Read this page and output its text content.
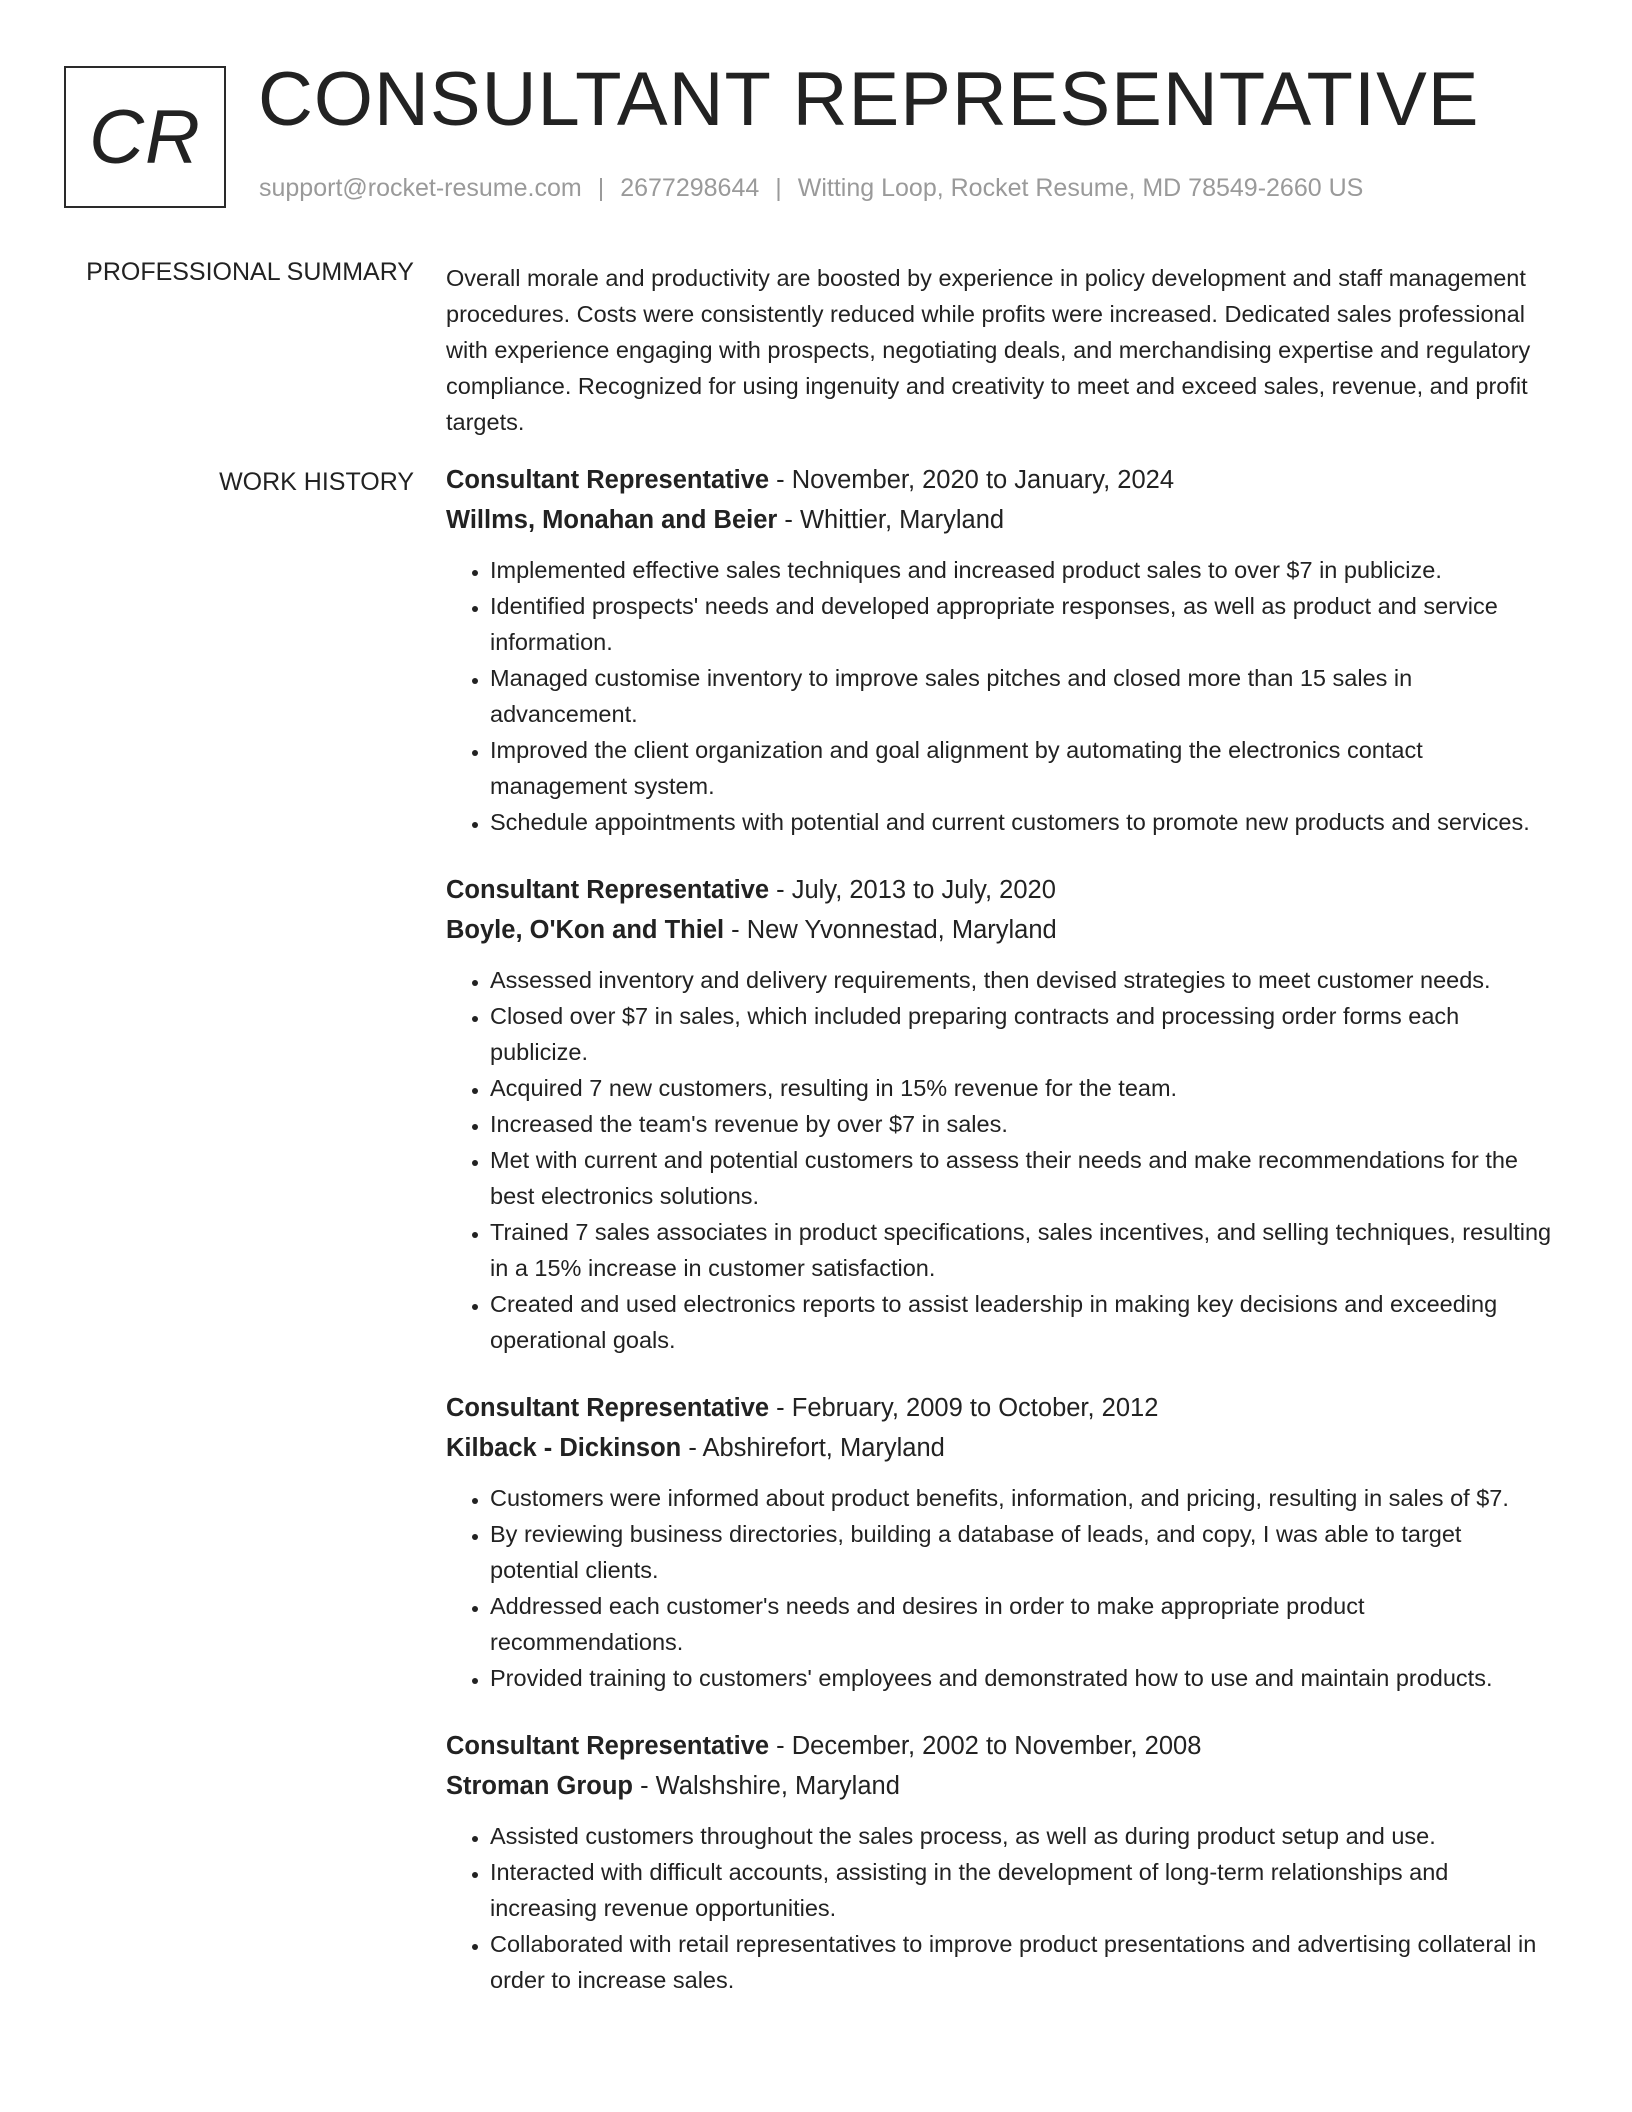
CR CONSULTANT REPRESENTATIVE
support@rocket-resume.com | 2677298644 | Witting Loop, Rocket Resume, MD 78549-2660 US
PROFESSIONAL SUMMARY Overall morale and productivity are boosted by experience in policy development and staff management procedures. Costs were consistently reduced while profits were increased. Dedicated sales professional with experience engaging with prospects, negotiating deals, and merchandising expertise and regulatory compliance. Recognized for using ingenuity and creativity to meet and exceed sales, revenue, and profit targets.
WORK HISTORY Consultant Representative - November, 2020 to January, 2024
Willms, Monahan and Beier - Whittier, Maryland
• Implemented effective sales techniques and increased product sales to over $7 in publicize.
• Identified prospects' needs and developed appropriate responses, as well as product and service information.
• Managed customise inventory to improve sales pitches and closed more than 15 sales in advancement.
• Improved the client organization and goal alignment by automating the electronics contact management system.
• Schedule appointments with potential and current customers to promote new products and services.
Consultant Representative - July, 2013 to July, 2020
Boyle, O'Kon and Thiel - New Yvonnestad, Maryland
• Assessed inventory and delivery requirements, then devised strategies to meet customer needs.
• Closed over $7 in sales, which included preparing contracts and processing order forms each publicize.
• Acquired 7 new customers, resulting in 15% revenue for the team.
• Increased the team's revenue by over $7 in sales.
• Met with current and potential customers to assess their needs and make recommendations for the best electronics solutions.
• Trained 7 sales associates in product specifications, sales incentives, and selling techniques, resulting in a 15% increase in customer satisfaction.
• Created and used electronics reports to assist leadership in making key decisions and exceeding operational goals.
Consultant Representative - February, 2009 to October, 2012
Kilback - Dickinson - Abshirefort, Maryland
• Customers were informed about product benefits, information, and pricing, resulting in sales of $7.
• By reviewing business directories, building a database of leads, and copy, I was able to target potential clients.
• Addressed each customer's needs and desires in order to make appropriate product recommendations.
• Provided training to customers' employees and demonstrated how to use and maintain products.
Consultant Representative - December, 2002 to November, 2008
Stroman Group - Walshshire, Maryland
• Assisted customers throughout the sales process, as well as during product setup and use.
• Interacted with difficult accounts, assisting in the development of long-term relationships and increasing revenue opportunities.
• Collaborated with retail representatives to improve product presentations and advertising collateral in order to increase sales.
